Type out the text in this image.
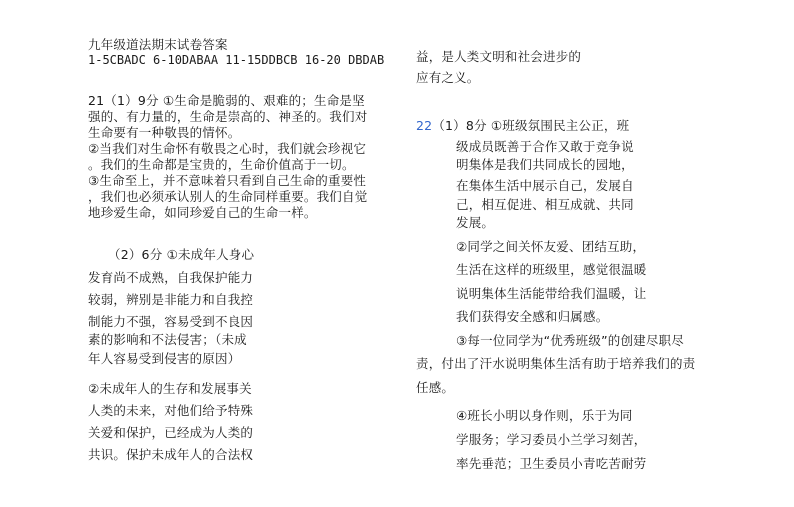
九年级道法期末试卷答案
1-5CBADC 6-10DABAA 11-15DDBCB 16-20 DBDAB
21（1）9分 ①生命是脆弱的、艰难的；生命是坚
强的、有力量的，生命是崇高的、神圣的。我们对
生命要有一种敬畏的情怀。
②当我们对生命怀有敬畏之心时，我们就会珍视它
。我们的生命都是宝贵的，生命价值高于一切。
③生命至上，并不意味着只看到自己生命的重要性
，我们也必须承认别人的生命同样重要。我们自觉
地珍爱生命，如同珍爱自己的生命一样。
（2）6分 ①未成年人身心
发育尚不成熟，自我保护能力
较弱，辨别是非能力和自我控
制能力不强，容易受到不良因
素的影响和不法侵害；（未成
年人容易受到侵害的原因）
②未成年人的生存和发展事关
人类的未来，对他们给予特殊
关爱和保护，已经成为人类的
共识。保护未成年人的合法权
益，是人类文明和社会进步的
应有之义。
22（1）8分 ①班级氛围民主公正，班
级成员既善于合作又敢于竞争说
明集体是我们共同成长的园地，
在集体生活中展示自己，发展自
己，相互促进、相互成就、共同
发展。
②同学之间关怀友爱、团结互助，
生活在这样的班级里，感觉很温暖
说明集体生活能带给我们温暖，让
我们获得安全感和归属感。
③每一位同学为“优秀班级”的创建尽职尽
责，付出了汗水说明集体生活有助于培养我们的责
任感。
④班长小明以身作则，乐于为同
学服务；学习委员小兰学习刻苦，
率先垂范；卫生委员小青吃苦耐劳
